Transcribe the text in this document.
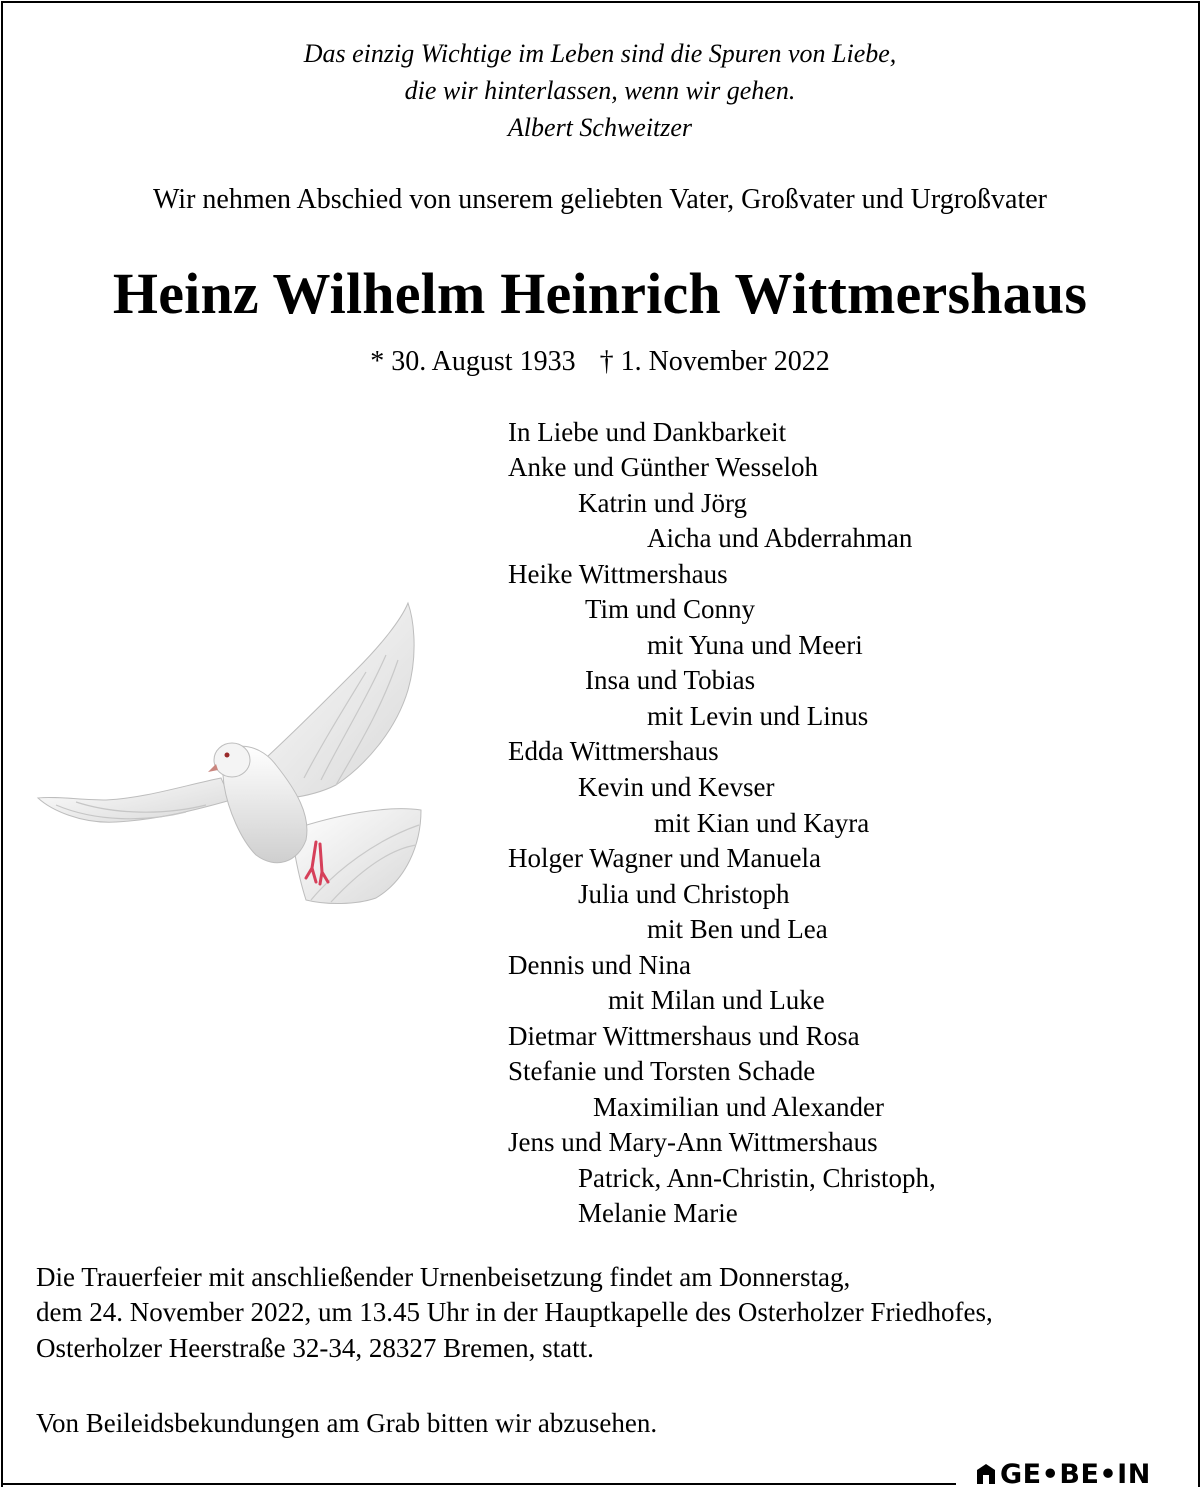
Das einzig Wichtige im Leben sind die Spuren von Liebe,
die wir hinterlassen, wenn wir gehen.
Albert Schweitzer
Wir nehmen Abschied von unserem geliebten Vater, Großvater und Urgroßvater
Heinz Wilhelm Heinrich Wittmershaus
* 30. August 1933 † 1. November 2022
In Liebe und Dankbarkeit
Anke und Günther Wesseloh
Katrin und Jörg
Aicha und Abderrahman
Heike Wittmershaus
Tim und Conny
mit Yuna und Meeri
Insa und Tobias
mit Levin und Linus
Edda Wittmershaus
Kevin und Kevser
mit Kian und Kayra
Holger Wagner und Manuela
Julia und Christoph
mit Ben und Lea
Dennis und Nina
mit Milan und Luke
Dietmar Wittmershaus und Rosa
Stefanie und Torsten Schade
Maximilian und Alexander
Jens und Mary-Ann Wittmershaus
Patrick, Ann-Christin, Christoph,
Melanie Marie
Die Trauerfeier mit anschließender Urnenbeisetzung findet am Donnerstag,
dem 24. November 2022, um 13.45 Uhr in der Hauptkapelle des Osterholzer Friedhofes,
Osterholzer Heerstraße 32-34, 28327 Bremen, statt.
Von Beileidsbekundungen am Grab bitten wir abzusehen.
GE•BE•IN
